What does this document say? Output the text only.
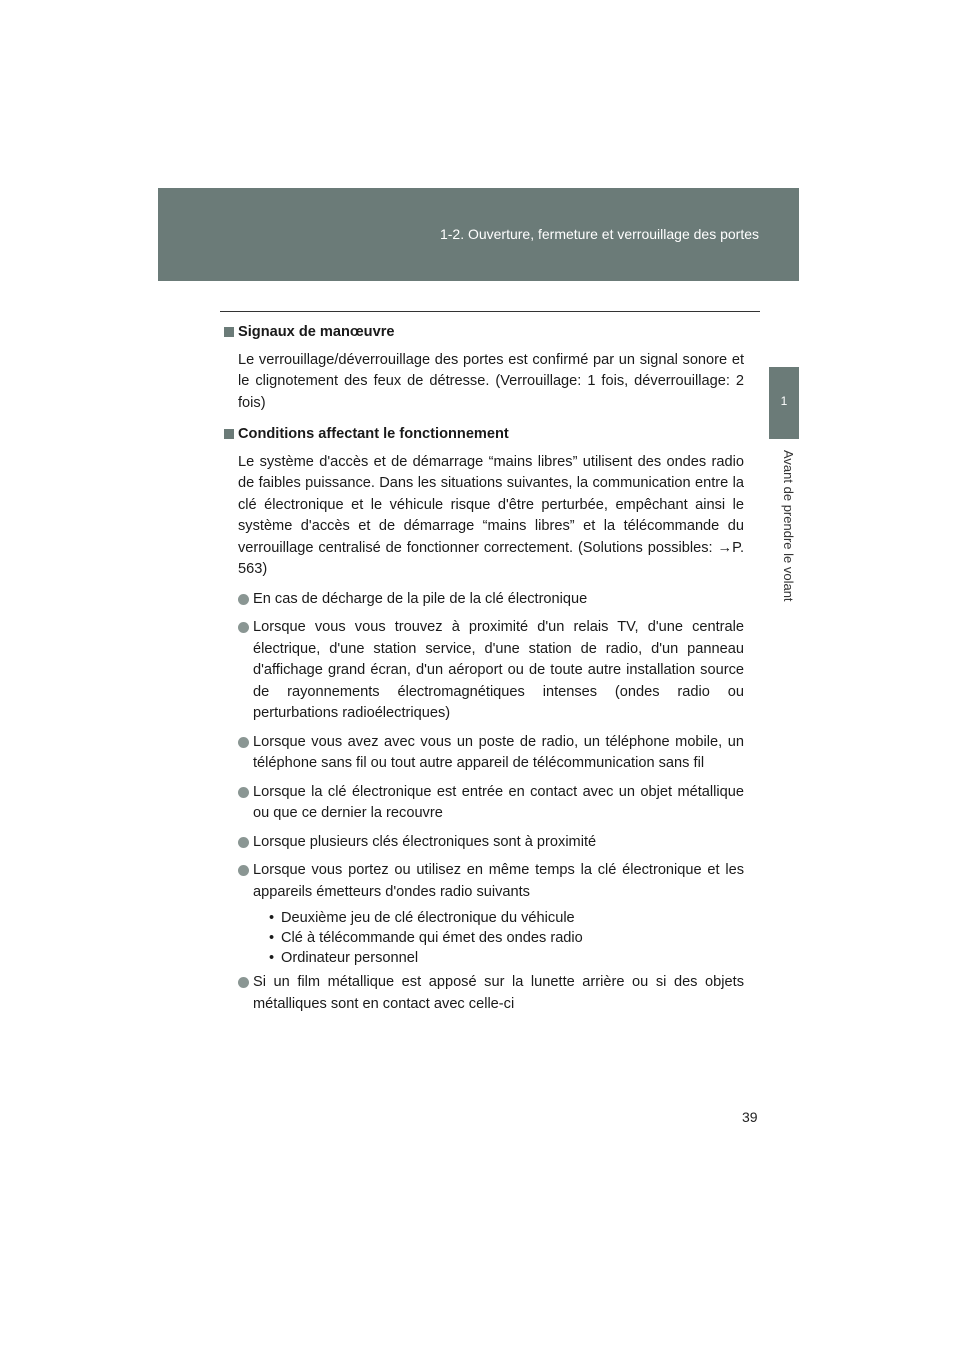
1-2. Ouverture, fermeture et verrouillage des portes
1
Avant de prendre le volant
Signaux de manœuvre
Le verrouillage/déverrouillage des portes est confirmé par un signal sonore et le clignotement des feux de détresse. (Verrouillage: 1 fois, déverrouillage: 2 fois)
Conditions affectant le fonctionnement
Le système d'accès et de démarrage “mains libres” utilisent des ondes radio de faibles puissance. Dans les situations suivantes, la communication entre la clé électronique et le véhicule risque d'être perturbée, empêchant ainsi le système d'accès et de démarrage “mains libres” et la télécommande du verrouillage centralisé de fonctionner correctement. (Solutions possibles: →P. 563)
En cas de décharge de la pile de la clé électronique
Lorsque vous vous trouvez à proximité d'un relais TV, d'une centrale électrique, d'une station service, d'une station de radio, d'un panneau d'affichage grand écran, d'un aéroport ou de toute autre installation source de rayonnements électromagnétiques intenses (ondes radio ou perturbations radioélectriques)
Lorsque vous avez avec vous un poste de radio, un téléphone mobile, un téléphone sans fil ou tout autre appareil de télécommunication sans fil
Lorsque la clé électronique est entrée en contact avec un objet métallique ou que ce dernier la recouvre
Lorsque plusieurs clés électroniques sont à proximité
Lorsque vous portez ou utilisez en même temps la clé électronique et les appareils émetteurs d'ondes radio suivants
• Deuxième jeu de clé électronique du véhicule
• Clé à télécommande qui émet des ondes radio
• Ordinateur personnel
Si un film métallique est apposé sur la lunette arrière ou si des objets métalliques sont en contact avec celle-ci
39
